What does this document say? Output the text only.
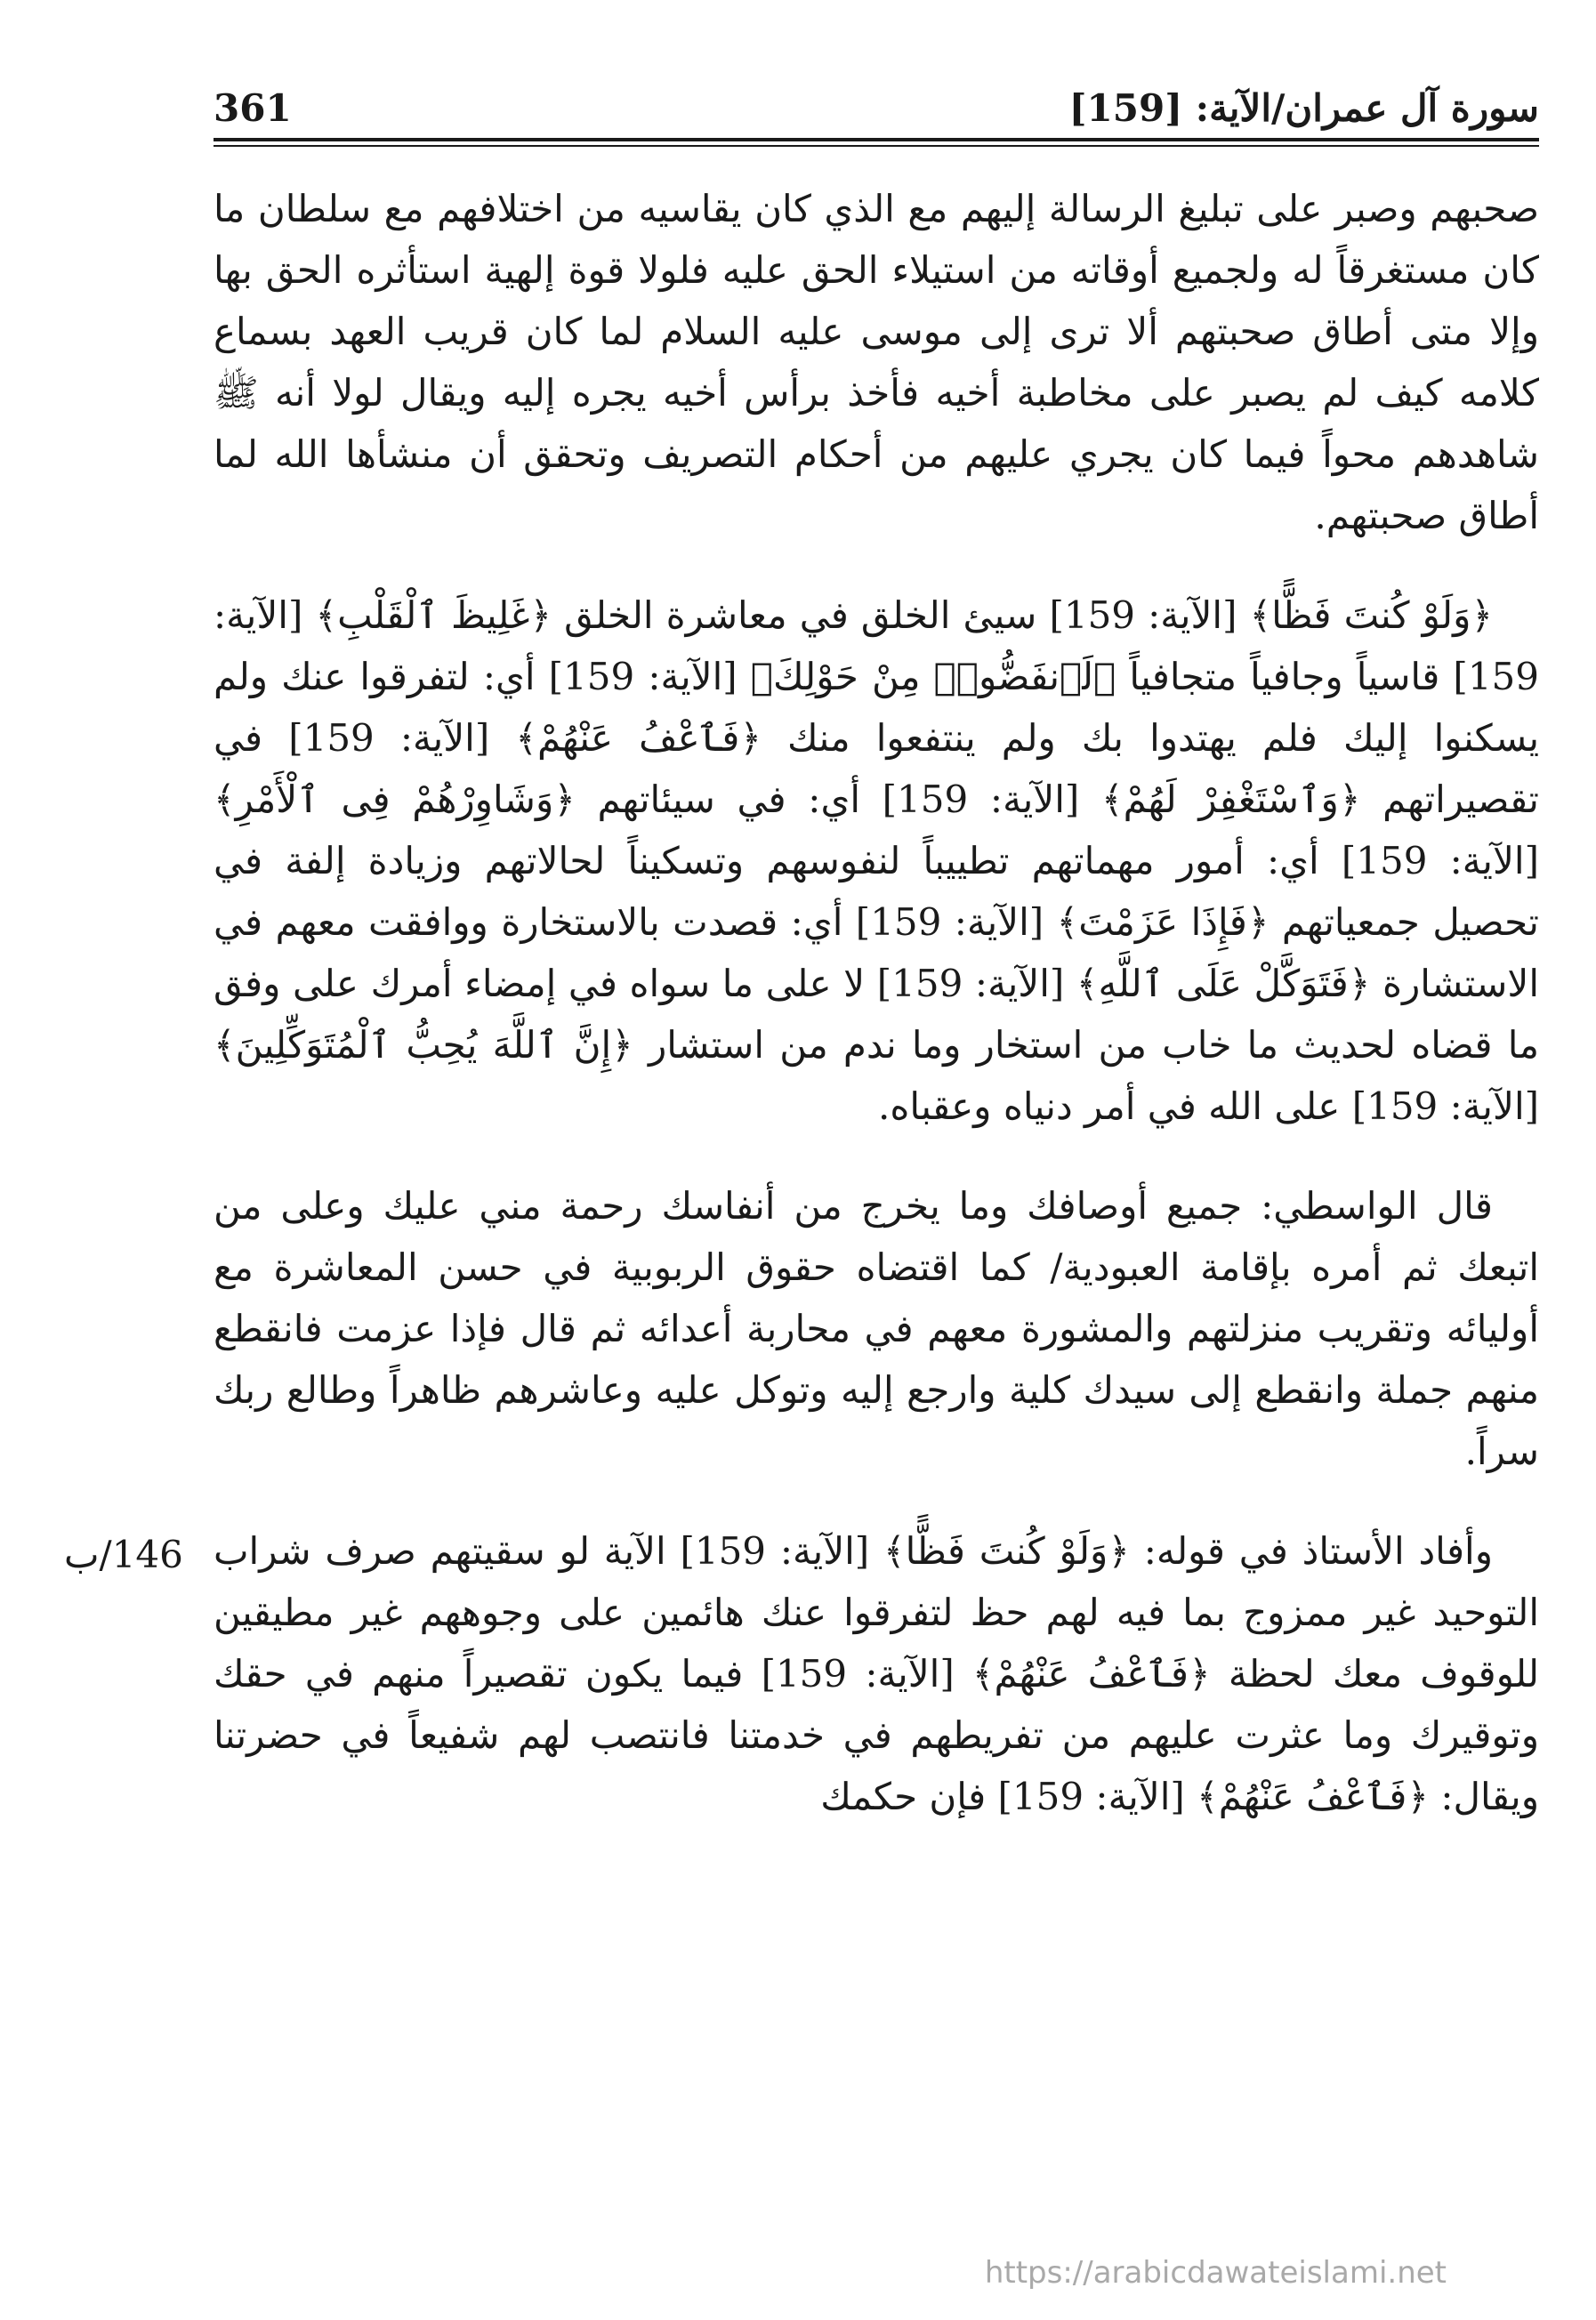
سورة آل عمران/الآية: [159]
361

صحبهم وصبر على تبليغ الرسالة إليهم مع الذي كان يقاسيه من اختلافهم مع سلطان ما كان مستغرقاً له ولجميع أوقاته من استيلاء الحق عليه فلولا قوة إلهية استأثره الحق بها وإلا متى أطاق صحبتهم ألا ترى إلى موسى عليه السلام لما كان قريب العهد بسماع كلامه كيف لم يصبر على مخاطبة أخيه فأخذ برأس أخيه يجره إليه ويقال لولا أنه ﷺ شاهدهم محواً فيما كان يجري عليهم من أحكام التصريف وتحقق أن منشأها الله لما أطاق صحبتهم.

﴿وَلَوْ كُنتَ فَظًّا﴾ [الآية: 159] سيئ الخلق في معاشرة الخلق ﴿غَلِيظَ ٱلْقَلْبِ﴾ [الآية: 159] قاسياً وجافياً متجافياً ﴿لَٱنفَضُّوا۟ مِنْ حَوْلِكَ﴾ [الآية: 159] أي: لتفرقوا عنك ولم يسكنوا إليك فلم يهتدوا بك ولم ينتفعوا منك ﴿فَٱعْفُ عَنْهُمْ﴾ [الآية: 159] في تقصيراتهم ﴿وَٱسْتَغْفِرْ لَهُمْ﴾ [الآية: 159] أي: في سيئاتهم ﴿وَشَاوِرْهُمْ فِى ٱلْأَمْرِ﴾ [الآية: 159] أي: أمور مهماتهم تطييباً لنفوسهم وتسكيناً لحالاتهم وزيادة إلفة في تحصيل جمعياتهم ﴿فَإِذَا عَزَمْتَ﴾ [الآية: 159] أي: قصدت بالاستخارة ووافقت معهم في الاستشارة ﴿فَتَوَكَّلْ عَلَى ٱللَّهِ﴾ [الآية: 159] لا على ما سواه في إمضاء أمرك على وفق ما قضاه لحديث ما خاب من استخار وما ندم من استشار ﴿إِنَّ ٱللَّهَ يُحِبُّ ٱلْمُتَوَكِّلِينَ﴾ [الآية: 159] على الله في أمر دنياه وعقباه.

قال الواسطي: جميع أوصافك وما يخرج من أنفاسك رحمة مني عليك وعلى من اتبعك ثم أمره بإقامة العبودية/ كما اقتضاه حقوق الربوبية في حسن المعاشرة مع أوليائه وتقريب منزلتهم والمشورة معهم في محاربة أعدائه ثم قال فإذا عزمت فانقطع منهم جملة وانقطع إلى سيدك كلية وارجع إليه وتوكل عليه وعاشرهم ظاهراً وطالع ربك سراً.

وأفاد الأستاذ في قوله: ﴿وَلَوْ كُنتَ فَظًّا﴾ [الآية: 159] الآية لو سقيتهم صرف شراب التوحيد غير ممزوج بما فيه لهم حظ لتفرقوا عنك هائمين على وجوههم غير مطيقين للوقوف معك لحظة ﴿فَٱعْفُ عَنْهُمْ﴾ [الآية: 159] فيما يكون تقصيراً منهم في حقك وتوقيرك وما عثرت عليهم من تفريطهم في خدمتنا فانتصب لهم شفيعاً في حضرتنا ويقال: ﴿فَٱعْفُ عَنْهُمْ﴾ [الآية: 159] فإن حكمك

146/ب
https://arabicdawateislami.net
